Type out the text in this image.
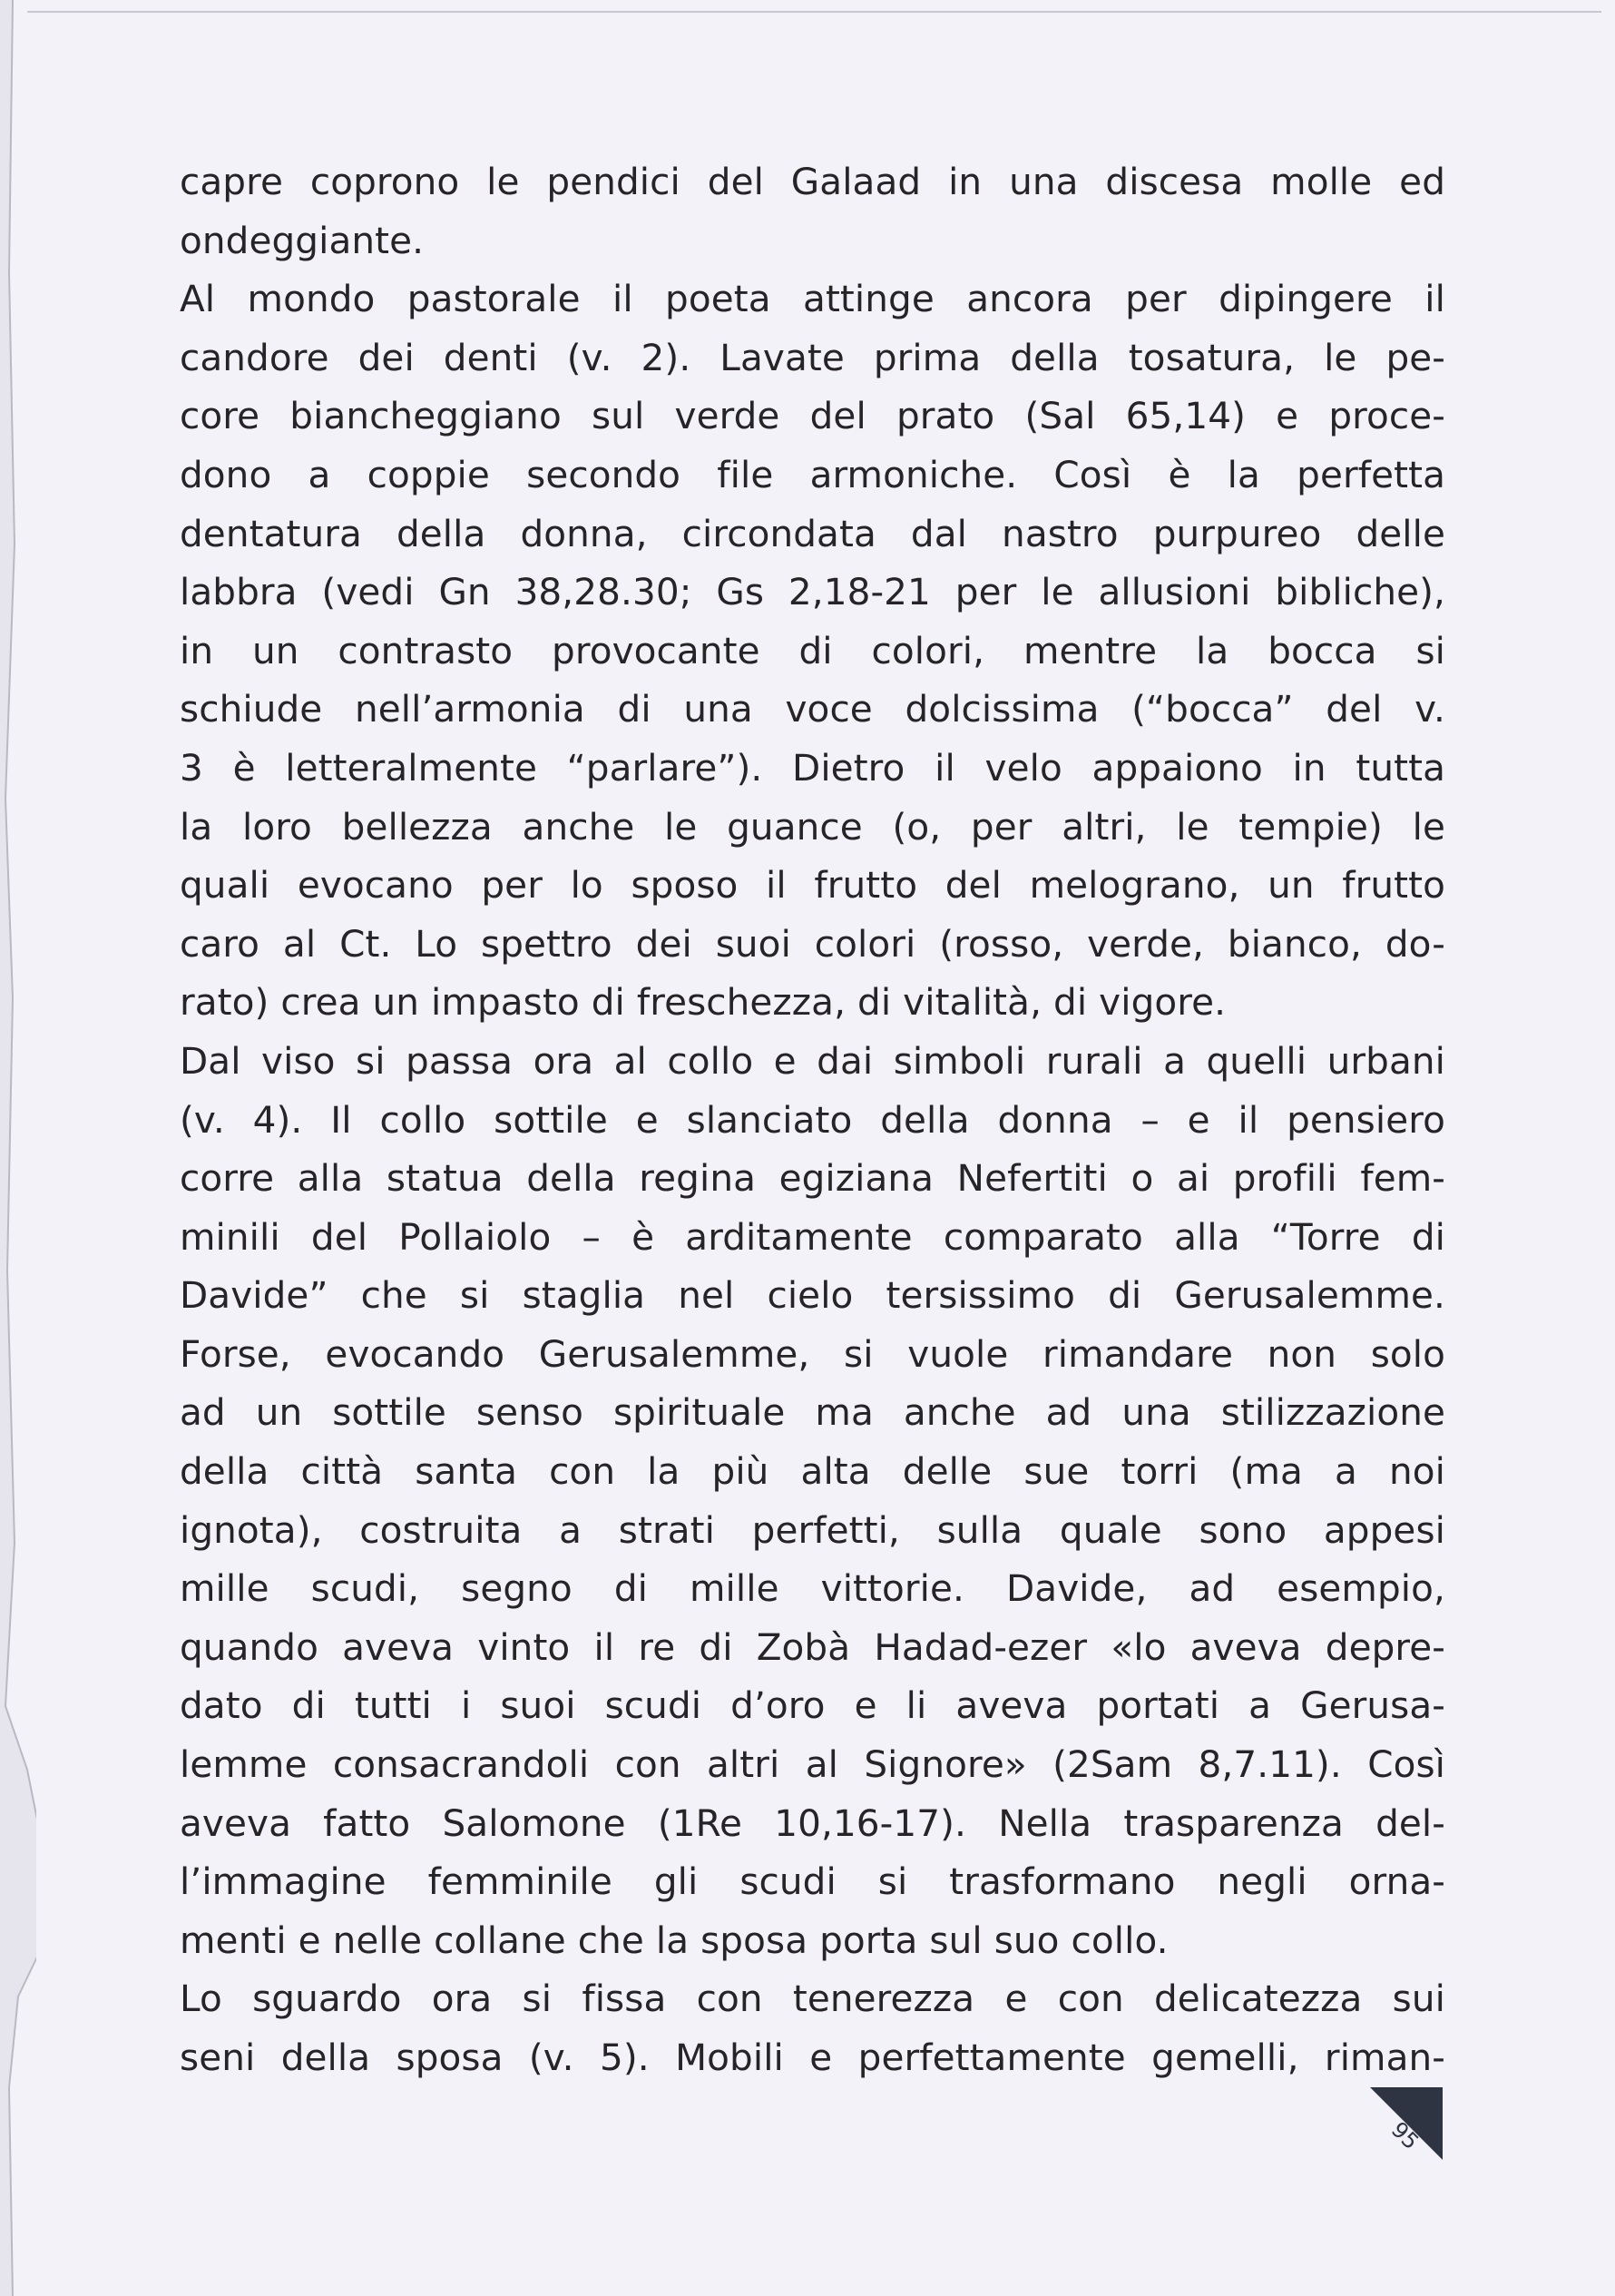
capre coprono le pendici del Galaad in una discesa molle ed
ondeggiante.
Al mondo pastorale il poeta attinge ancora per dipingere il
candore dei denti (v. 2). Lavate prima della tosatura, le pe-
core biancheggiano sul verde del prato (Sal 65,14) e proce-
dono a coppie secondo file armoniche. Così è la perfetta
dentatura della donna, circondata dal nastro purpureo delle
labbra (vedi Gn 38,28.30; Gs 2,18-21 per le allusioni bibliche),
in un contrasto provocante di colori, mentre la bocca si
schiude nell’armonia di una voce dolcissima (“bocca” del v.
3 è letteralmente “parlare”). Dietro il velo appaiono in tutta
la loro bellezza anche le guance (o, per altri, le tempie) le
quali evocano per lo sposo il frutto del melograno, un frutto
caro al Ct. Lo spettro dei suoi colori (rosso, verde, bianco, do-
rato) crea un impasto di freschezza, di vitalità, di vigore.
Dal viso si passa ora al collo e dai simboli rurali a quelli urbani
(v. 4). Il collo sottile e slanciato della donna – e il pensiero
corre alla statua della regina egiziana Nefertiti o ai profili fem-
minili del Pollaiolo – è arditamente comparato alla “Torre di
Davide” che si staglia nel cielo tersissimo di Gerusalemme.
Forse, evocando Gerusalemme, si vuole rimandare non solo
ad un sottile senso spirituale ma anche ad una stilizzazione
della città santa con la più alta delle sue torri (ma a noi
ignota), costruita a strati perfetti, sulla quale sono appesi
mille scudi, segno di mille vittorie. Davide, ad esempio,
quando aveva vinto il re di Zobà Hadad-ezer «lo aveva depre-
dato di tutti i suoi scudi d’oro e li aveva portati a Gerusa-
lemme consacrandoli con altri al Signore» (2Sam 8,7.11). Così
aveva fatto Salomone (1Re 10,16-17). Nella trasparenza del-
l’immagine femminile gli scudi si trasformano negli orna-
menti e nelle collane che la sposa porta sul suo collo.
Lo sguardo ora si fissa con tenerezza e con delicatezza sui
seni della sposa (v. 5). Mobili e perfettamente gemelli, riman-
95
